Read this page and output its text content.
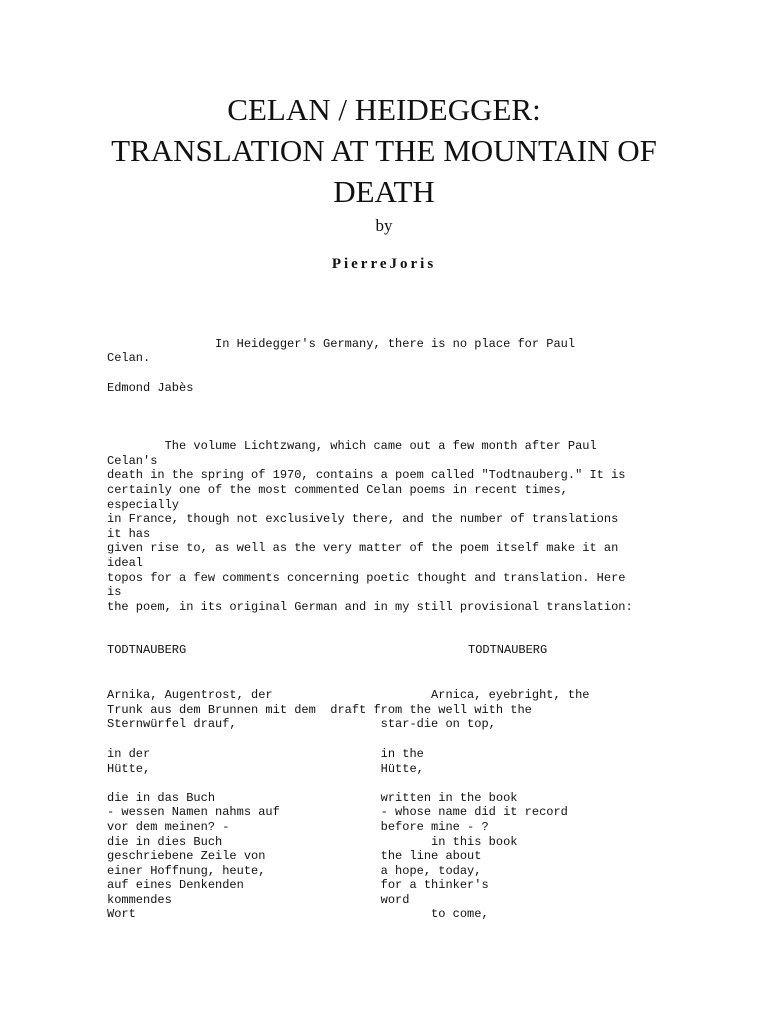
CELAN / HEIDEGGER:
TRANSLATION AT THE MOUNTAIN OF
DEATH
by
PierreJoris
In Heidegger's Germany, there is no place for Paul
Celan.
Edmond Jabès
The volume Lichtzwang, which came out a few month after Paul
Celan's
death in the spring of 1970, contains a poem called "Todtnauberg." It is
certainly one of the most commented Celan poems in recent times,
especially
in France, though not exclusively there, and the number of translations
it has
given rise to, as well as the very matter of the poem itself make it an
ideal
topos for a few comments concerning poetic thought and translation. Here
is
the poem, in its original German and in my still provisional translation:
TODTNAUBERG	TODTNAUBERG
Arnika, Augentrost, der                      Arnica, eyebright, the
Trunk aus dem Brunnen mit dem  draft from the well with the
Sternwürfel drauf,                    star-die on top,
in der                                in the
Hütte,                                Hütte,
die in das Buch                       written in the book
- wessen Namen nahms auf              - whose name did it record
vor dem meinen? -                     before mine - ?
die in dies Buch                             in this book
geschriebene Zeile von                the line about
einer Hoffnung, heute,                a hope, today,
auf eines Denkenden                   for a thinker's
kommendes                             word
Wort                                         to come,
